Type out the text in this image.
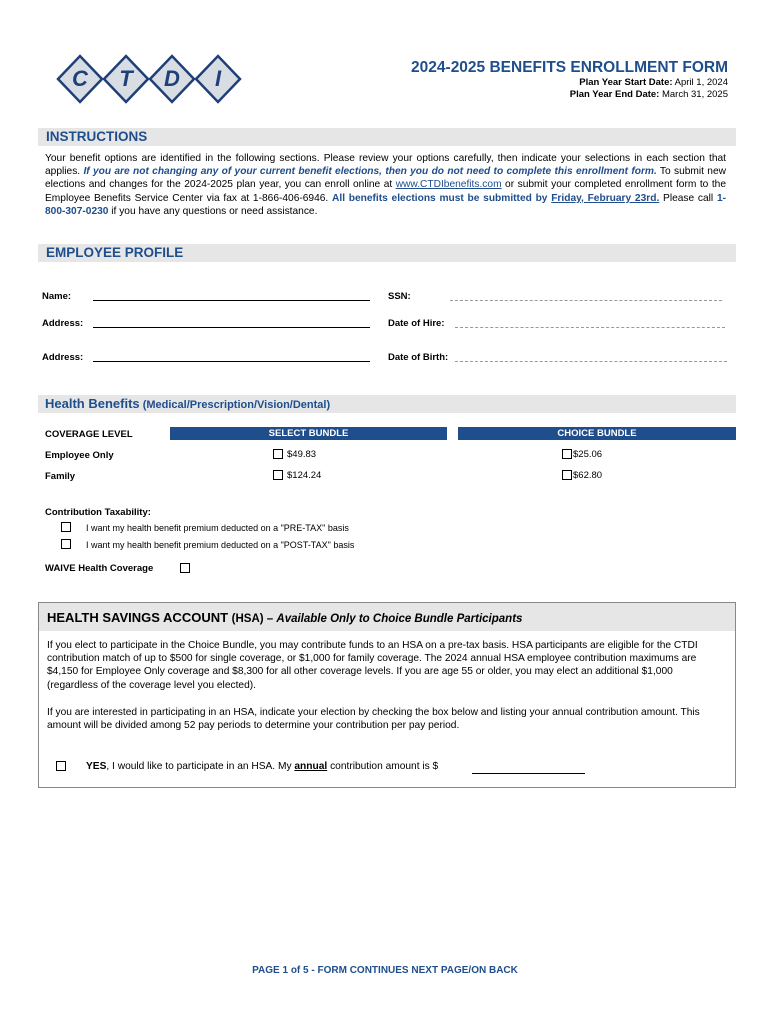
C T D I	2024-2025 BENEFITS ENROLLMENT FORM
Plan Year Start Date: April 1, 2024
Plan Year End Date: March 31, 2025
INSTRUCTIONS
Your benefit options are identified in the following sections. Please review your options carefully, then indicate your selections in each section that applies. If you are not changing any of your current benefit elections, then you do not need to complete this enrollment form. To submit new elections and changes for the 2024-2025 plan year, you can enroll online at www.CTDIbenefits.com or submit your completed enrollment form to the Employee Benefits Service Center via fax at 1-866-406-6946. All benefits elections must be submitted by Friday, February 23rd. Please call 1-800-307-0230 if you have any questions or need assistance.
EMPLOYEE PROFILE
Name:	SSN:
Address:	Date of Hire:
Address:	Date of Birth:
Health Benefits (Medical/Prescription/Vision/Dental)
COVERAGE LEVEL	SELECT BUNDLE	CHOICE BUNDLE
Employee Only	$49.83	$25.06
Family	$124.24	$62.80
Contribution Taxability:
I want my health benefit premium deducted on a "PRE-TAX" basis
I want my health benefit premium deducted on a "POST-TAX" basis
WAIVE Health Coverage
HEALTH SAVINGS ACCOUNT (HSA) – Available Only to Choice Bundle Participants
If you elect to participate in the Choice Bundle, you may contribute funds to an HSA on a pre-tax basis. HSA participants are eligible for the CTDI contribution match of up to $500 for single coverage, or $1,000 for family coverage. The 2024 annual HSA employee contribution maximums are $4,150 for Employee Only coverage and $8,300 for all other coverage levels. If you are age 55 or older, you may elect an additional $1,000 (regardless of the coverage level you elected).
If you are interested in participating in an HSA, indicate your election by checking the box below and listing your annual contribution amount. This amount will be divided among 52 pay periods to determine your contribution per pay period.
YES, I would like to participate in an HSA. My annual contribution amount is $
PAGE 1 of 5 - FORM CONTINUES NEXT PAGE/ON BACK
